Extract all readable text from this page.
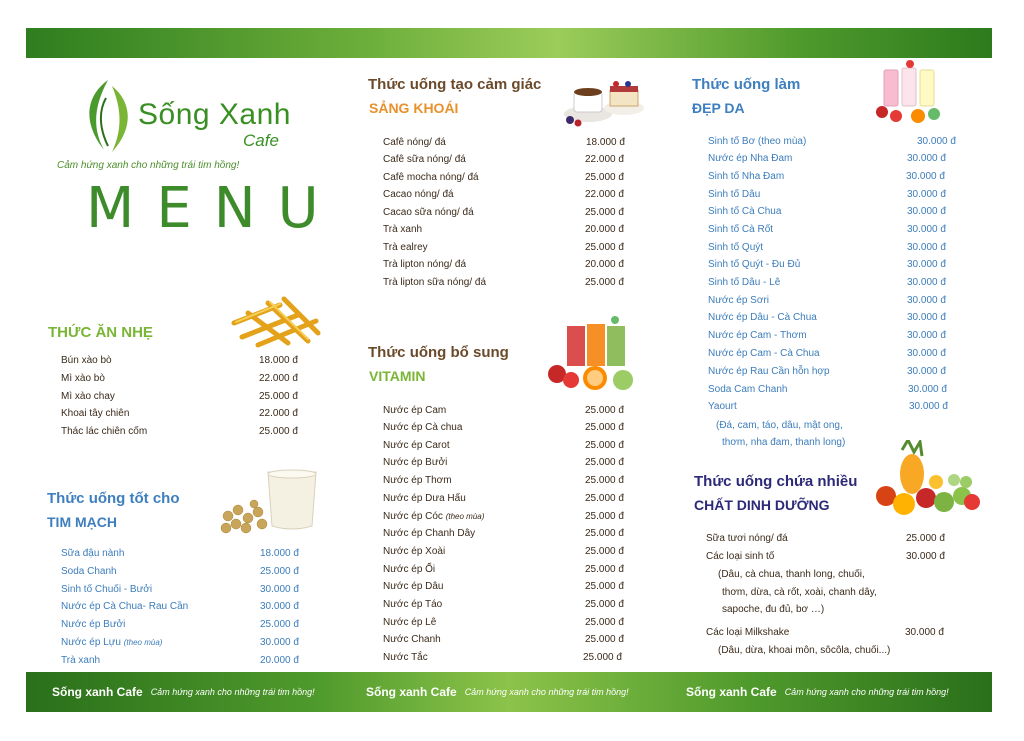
Sống Xanh
Cafe
Cảm hứng xanh cho những trái tim hồng!
MENU
THỨC ĂN NHẸ
Bún xào bò	18.000 đ
Mì xào bò	22.000 đ
Mì xào chay	25.000 đ
Khoai tây chiên	22.000 đ
Thác lác chiên cốm	25.000 đ
Thức uống tốt cho
TIM MẠCH
Sữa đậu nành	18.000 đ
Soda Chanh	25.000 đ
Sinh tố Chuối - Bưởi	30.000 đ
Nước ép Cà Chua- Rau Cần	30.000 đ
Nước ép Bưởi	25.000 đ
Nước ép Lựu (theo mùa)	30.000 đ
Trà xanh	20.000 đ
Thức uống tạo cảm giác
SẢNG KHOÁI
Cafê nóng/ đá	18.000 đ
Cafê sữa nóng/ đá	22.000 đ
Cafê mocha nóng/ đá	25.000 đ
Cacao nóng/ đá	22.000 đ
Cacao sữa nóng/ đá	25.000 đ
Trà xanh	20.000 đ
Trà ealrey	25.000 đ
Trà lipton nóng/ đá	20.000 đ
Trà lipton sữa nóng/ đá	25.000 đ
Thức uống bổ sung
VITAMIN
Nước ép Cam	25.000 đ
Nước ép Cà chua	25.000 đ
Nước ép Carot	25.000 đ
Nước ép Bưởi	25.000 đ
Nước ép Thơm	25.000 đ
Nước ép Dưa Hấu	25.000 đ
Nước ép Cóc (theo mùa)	25.000 đ
Nước ép Chanh Dây	25.000 đ
Nước ép Xoài	25.000 đ
Nước ép Ổi	25.000 đ
Nước ép Dâu	25.000 đ
Nước ép Táo	25.000 đ
Nước ép Lê	25.000 đ
Nước Chanh	25.000 đ
Nước Tắc	25.000 đ
Thức uống làm
ĐẸP DA
Sinh tố Bơ (theo mùa)	30.000 đ
Nước ép Nha Đam	30.000 đ
Sinh tố Nha Đam	30.000 đ
Sinh tố Dâu	30.000 đ
Sinh tố Cà Chua	30.000 đ
Sinh tố Cà Rốt	30.000 đ
Sinh tố Quýt	30.000 đ
Sinh tố Quýt - Đu Đủ	30.000 đ
Sinh tố Dâu - Lê	30.000 đ
Nước ép Sơri	30.000 đ
Nước ép Dâu - Cà Chua	30.000 đ
Nước ép Cam - Thơm	30.000 đ
Nước ép Cam - Cà Chua	30.000 đ
Nước ép Rau Cần hỗn hợp	30.000 đ
Soda Cam Chanh	30.000 đ
Yaourt	30.000 đ
(Đá, cam, táo, dâu, mật ong,
thơm, nha đam, thanh long)
Thức uống chứa nhiều
CHẤT DINH DƯỠNG
Sữa tươi nóng/ đá	25.000 đ
Các loại sinh tố	30.000 đ
(Dâu, cà chua, thanh long, chuối,
thơm, dừa, cà rốt, xoài, chanh dây,
sapoche, đu đủ, bơ …)
Các loại Milkshake	30.000 đ
(Dâu, dừa, khoai môn, sôcôla, chuối...)
Sống xanh Cafe Cảm hứng xanh cho những trái tim hồng!	Sống xanh Cafe Cảm hứng xanh cho những trái tim hồng!	Sống xanh Cafe Cảm hứng xanh cho những trái tim hồng!
